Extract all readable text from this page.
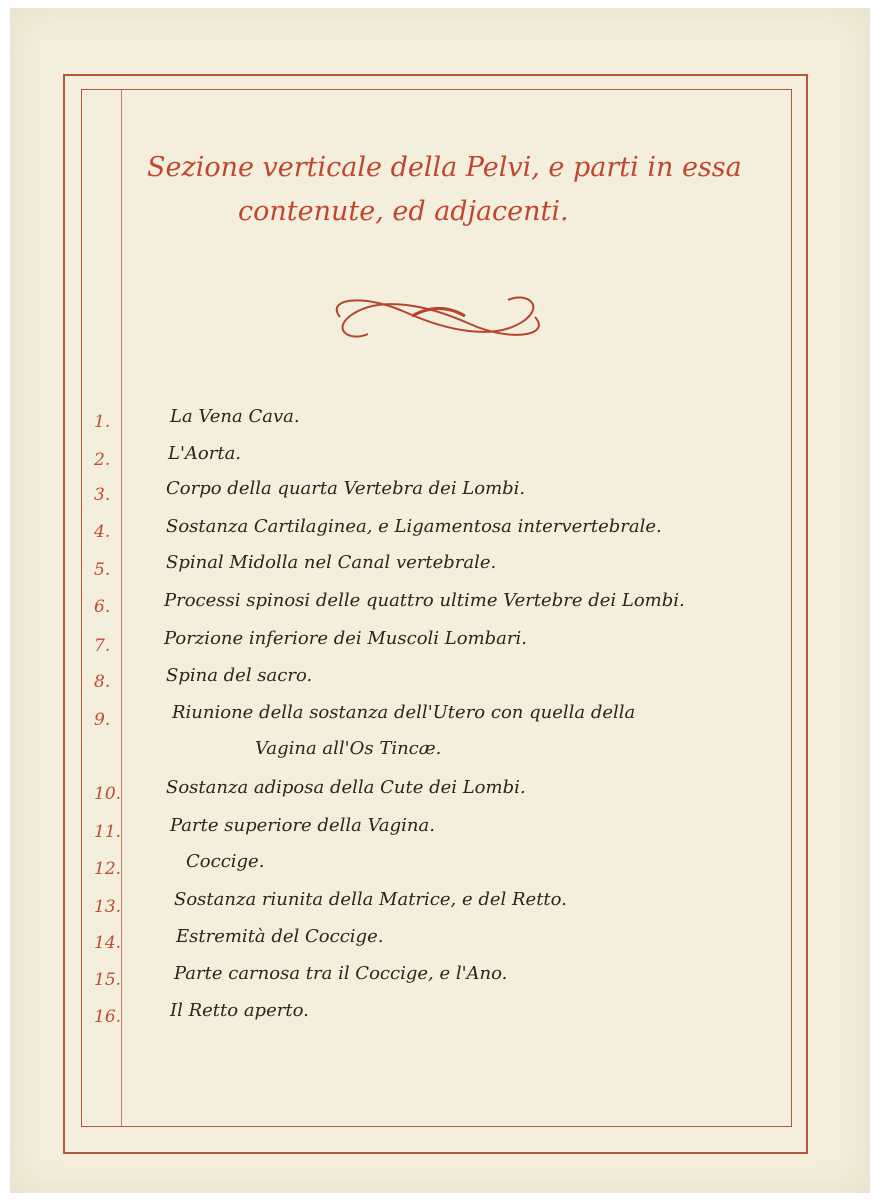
Sezione verticale della Pelvi, e parti in essa
contenute, ed adjacenti.
1.	La Vena Cava.
2.	L'Aorta.
3.	Corpo della quarta Vertebra dei Lombi.
4.	Sostanza Cartilaginea, e Ligamentosa intervertebrale.
5.	Spinal Midolla nel Canal vertebrale.
6.	Processi spinosi delle quattro ultime Vertebre dei Lombi.
7.	Porzione inferiore dei Muscoli Lombari.
8.	Spina del sacro.
9.	Riunione della sostanza dell'Utero con quella della
Vagina all'Os Tincæ.
10. Sostanza adiposa della Cute dei Lombi.
11.	Parte superiore della Vagina.
12.	Coccige.
13.	Sostanza riunita della Matrice, e del Retto.
14.	Estremità del Coccige.
15.	Parte carnosa tra il Coccige, e l'Ano.
16.	Il Retto aperto.
